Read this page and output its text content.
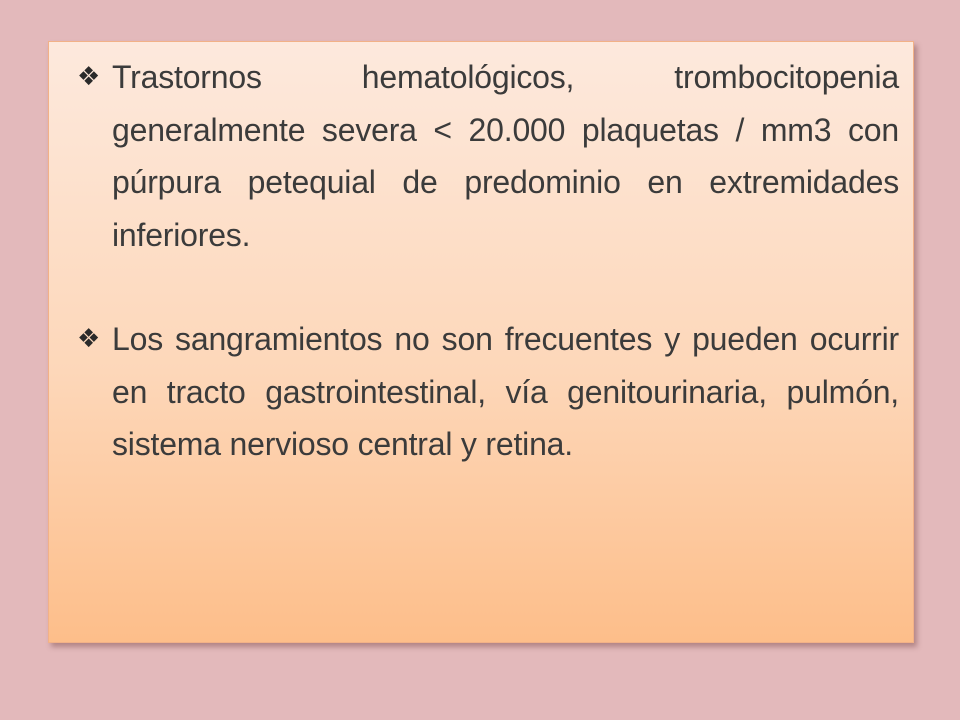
❖ Trastornos hematológicos, trombocitopenia generalmente severa < 20.000 plaquetas / mm3 con púrpura petequial de predominio en extremidades inferiores.
❖ Los sangramientos no son frecuentes y pueden ocurrir en tracto gastrointestinal, vía genitourinaria, pulmón, sistema nervioso central y retina.
